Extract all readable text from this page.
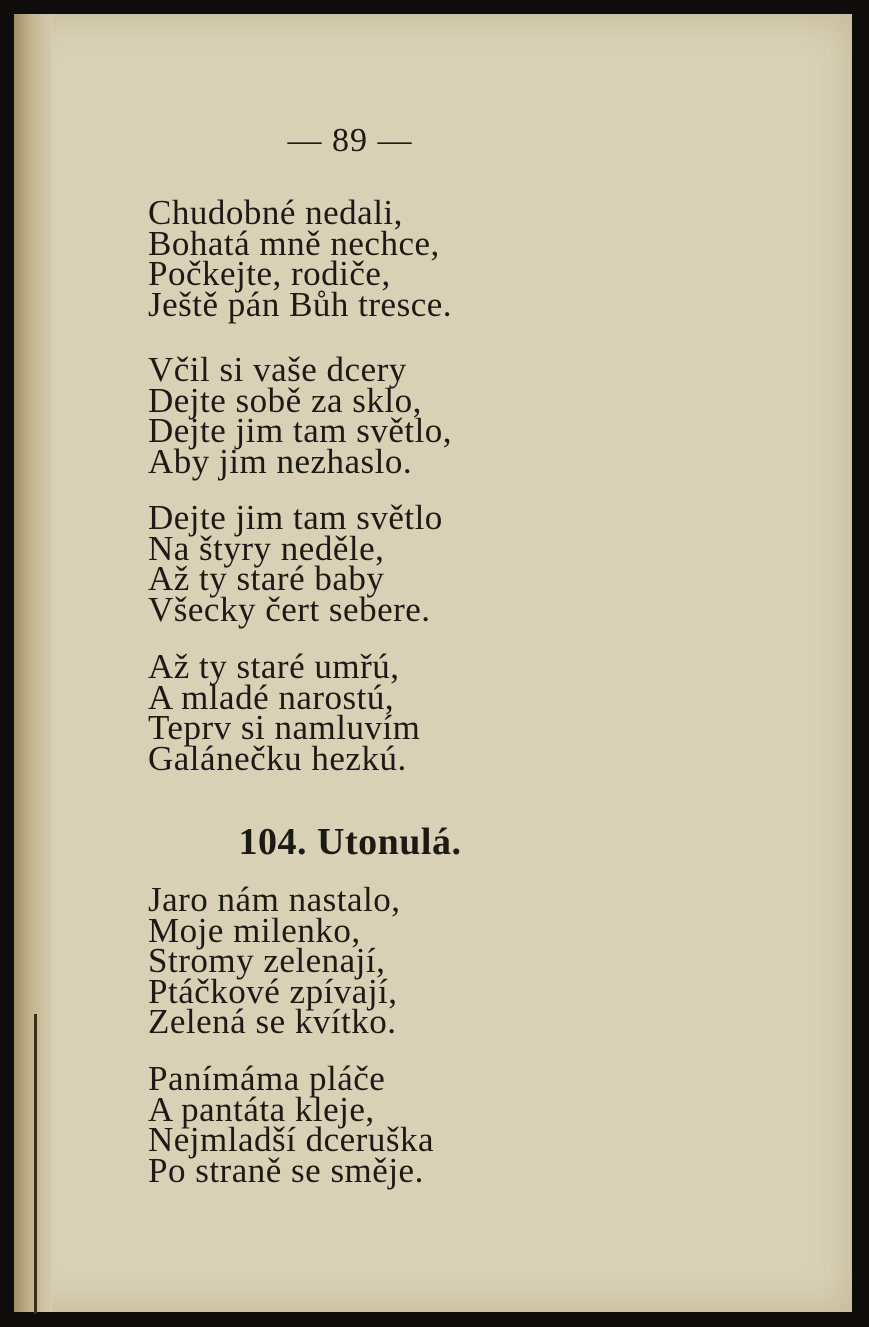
— 89 —
Chudobné nedali,
Bohatá mně nechce,
Počkejte, rodiče,
Ještě pán Bůh tresce.
Včil si vaše dcery
Dejte sobě za sklo,
Dejte jim tam světlo,
Aby jim nezhaslo.
Dejte jim tam světlo
Na štyry neděle,
Až ty staré baby
Všecky čert sebere.
Až ty staré umřú,
A mladé narostú,
Teprv si namluvím
Galánečku hezkú.
104. Utonulá.
Jaro nám nastalo,
Moje milenko,
Stromy zelenají,
Ptáčkové zpívají,
Zelená se kvítko.
Panímáma pláče
A pantáta kleje,
Nejmladší dceruška
Po straně se směje.
